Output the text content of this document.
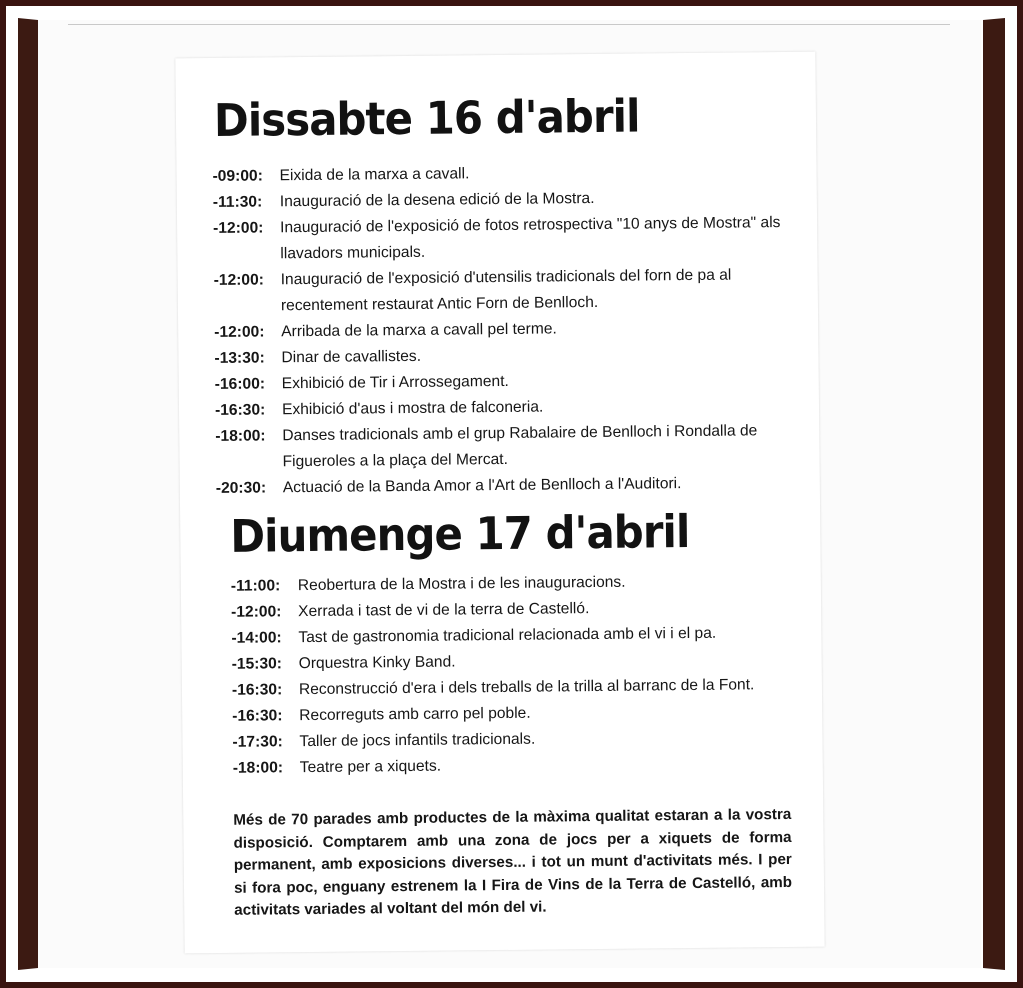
Dissabte 16 d'abril
-09:00: Eixida de la marxa a cavall.
-11:30: Inauguració de la desena edició de la Mostra.
-12:00: Inauguració de l'exposició de fotos retrospectiva "10 anys de Mostra" als llavadors municipals.
-12:00: Inauguració de l'exposició d'utensilis tradicionals del forn de pa al recentement restaurat Antic Forn de Benlloch.
-12:00: Arribada de la marxa a cavall pel terme.
-13:30: Dinar de cavallistes.
-16:00: Exhibició de Tir i Arrossegament.
-16:30: Exhibició d'aus i mostra de falconeria.
-18:00: Danses tradicionals amb el grup Rabalaire de Benlloch i Rondalla de Figueroles a la plaça del Mercat.
-20:30: Actuació de la Banda Amor a l'Art de Benlloch a l'Auditori.
Diumenge 17 d'abril
-11:00: Reobertura de la Mostra i de les inauguracions.
-12:00: Xerrada i tast de vi de la terra de Castelló.
-14:00: Tast de gastronomia tradicional relacionada amb el vi i el pa.
-15:30: Orquestra Kinky Band.
-16:30: Reconstrucció d'era i dels treballs de la trilla al barranc de la Font.
-16:30: Recorreguts amb carro pel poble.
-17:30: Taller de jocs infantils tradicionals.
-18:00: Teatre per a xiquets.

Més de 70 parades amb productes de la màxima qualitat estaran a la vostra disposició. Comptarem amb una zona de jocs per a xiquets de forma permanent, amb exposicions diverses... i tot un munt d'activitats més. I per si fora poc, enguany estrenem la I Fira de Vins de la Terra de Castelló, amb activitats variades al voltant del món del vi.
